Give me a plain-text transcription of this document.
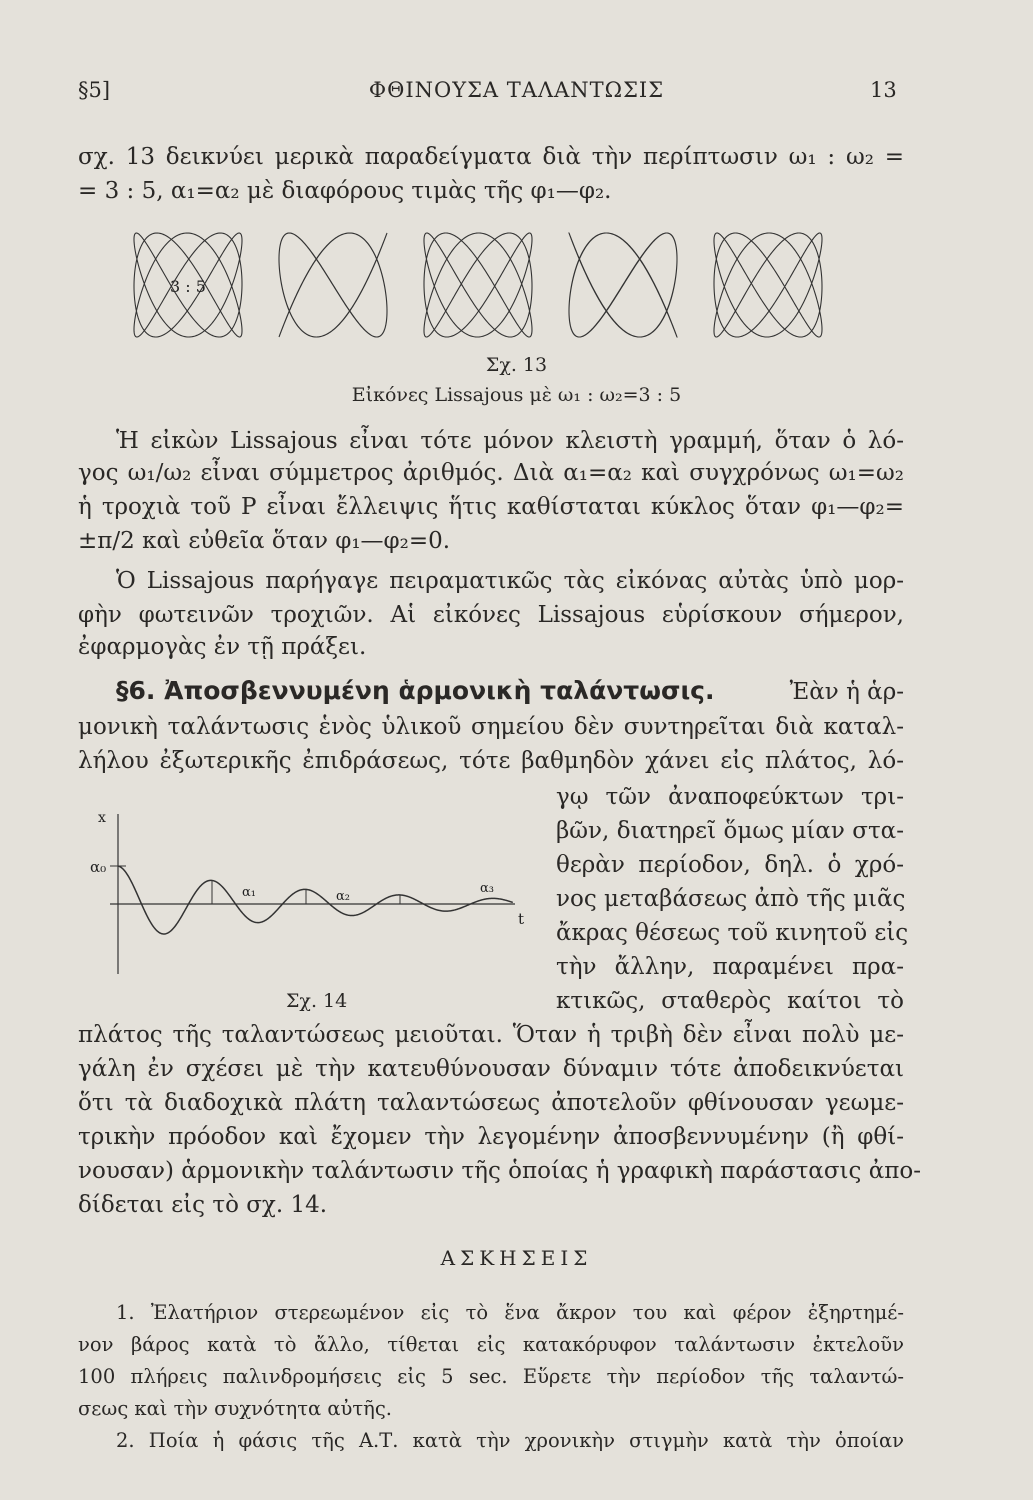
§5]	ΦΘΙΝΟΥΣΑ ΤΑΛΑΝΤΩΣΙΣ	13
σχ. 13 δεικνύει μερικὰ παραδείγματα διὰ τὴν περίπτωσιν ω₁ : ω₂ =
= 3 : 5, α₁=α₂ μὲ διαφόρους τιμὰς τῆς φ₁—φ₂.
3 : 5
Σχ. 13
Εἰκόνες Lissajous μὲ ω₁ : ω₂=3 : 5
Ἡ εἰκὼν Lissajous εἶναι τότε μόνον κλειστὴ γραμμή, ὅταν ὁ λό-
γος ω₁/ω₂ εἶναι σύμμετρος ἀριθμός. Διὰ α₁=α₂ καὶ συγχρόνως ω₁=ω₂
ἡ τροχιὰ τοῦ P εἶναι ἔλλειψις ἥτις καθίσταται κύκλος ὅταν φ₁—φ₂=
±π/2 καὶ εὐθεῖα ὅταν φ₁—φ₂=0.
Ὁ Lissajous παρήγαγε πειραματικῶς τὰς εἰκόνας αὐτὰς ὑπὸ μορ-
φὴν φωτεινῶν τροχιῶν. Αἱ εἰκόνες Lissajous εὑρίσκουν σήμερον,
ἐφαρμογὰς ἐν τῇ πράξει.
§6. Ἀποσβεννυμένη ἁρμονικὴ ταλάντωσις.	Ἐὰν ἡ ἁρ-
μονικὴ ταλάντωσις ἑνὸς ὑλικοῦ σημείου δὲν συντηρεῖται διὰ καταλ-
λήλου ἐξωτερικῆς ἐπιδράσεως, τότε βαθμηδὸν χάνει εἰς πλάτος, λό-
γῳ τῶν ἀναποφεύκτων τρι-
βῶν, διατηρεῖ ὅμως μίαν στα-
θερὰν περίοδον, δηλ. ὁ χρό-
νος μεταβάσεως ἀπὸ τῆς μιᾶς
ἄκρας θέσεως τοῦ κινητοῦ εἰς
τὴν ἄλλην, παραμένει πρα-
κτικῶς, σταθερὸς καίτοι τὸ
x
t
α₀
α₁	α₂
α₃
Σχ. 14
πλάτος τῆς ταλαντώσεως μειοῦται. Ὅταν ἡ τριβὴ δὲν εἶναι πολὺ με-
γάλη ἐν σχέσει μὲ τὴν κατευθύνουσαν δύναμιν τότε ἀποδεικνύεται
ὅτι τὰ διαδοχικὰ πλάτη ταλαντώσεως ἀποτελοῦν φθίνουσαν γεωμε-
τρικὴν πρόοδον καὶ ἔχομεν τὴν λεγομένην ἀποσβεννυμένην (ἢ φθί-
νουσαν) ἁρμονικὴν ταλάντωσιν τῆς ὁποίας ἡ γραφικὴ παράστασις ἀπο-
δίδεται εἰς τὸ σχ. 14.
ΑΣΚΗΣΕΙΣ
1. Ἐλατήριον στερεωμένον εἰς τὸ ἕνα ἄκρον του καὶ φέρον ἐξηρτημέ-
νον βάρος κατὰ τὸ ἄλλο, τίθεται εἰς κατακόρυφον ταλάντωσιν ἐκτελοῦν
100 πλήρεις παλινδρομήσεις εἰς 5 sec. Εὕρετε τὴν περίοδον τῆς ταλαντώ-
σεως καὶ τὴν συχνότητα αὐτῆς.
2. Ποία ἡ φάσις τῆς Α.Τ. κατὰ τὴν χρονικὴν στιγμὴν κατὰ τὴν ὁποίαν
